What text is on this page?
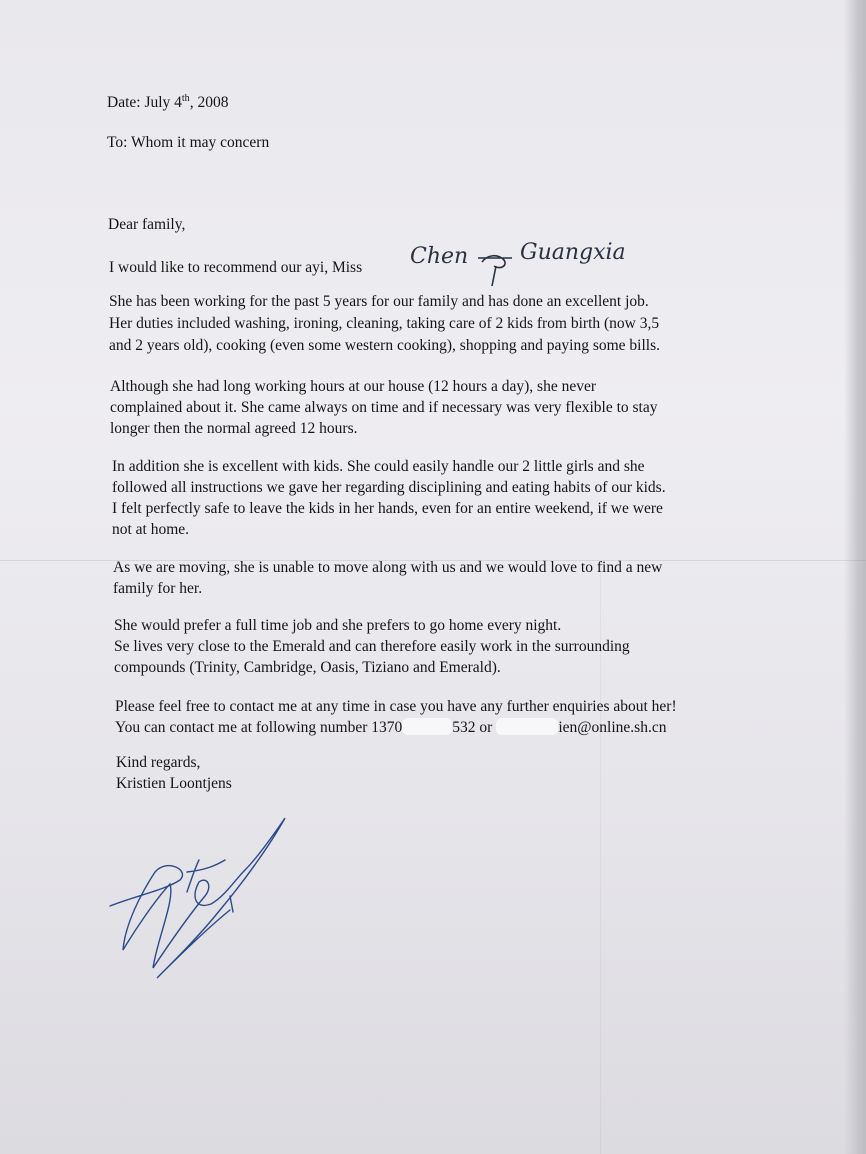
Date: July 4th, 2008
To: Whom it may concern
Dear family,
I would like to recommend our ayi, Miss Chen Guangxia
She has been working for the past 5 years for our family and has done an excellent job.
Her duties included washing, ironing, cleaning, taking care of 2 kids from birth (now 3,5
and 2 years old), cooking (even some western cooking), shopping and paying some bills.
Although she had long working hours at our house (12 hours a day), she never
complained about it. She came always on time and if necessary was very flexible to stay
longer then the normal agreed 12 hours.
In addition she is excellent with kids. She could easily handle our 2 little girls and she
followed all instructions we gave her regarding disciplining and eating habits of our kids.
I felt perfectly safe to leave the kids in her hands, even for an entire weekend, if we were
not at home.
As we are moving, she is unable to move along with us and we would love to find a new
family for her.
She would prefer a full time job and she prefers to go home every night.
Se lives very close to the Emerald and can therefore easily work in the surrounding
compounds (Trinity, Cambridge, Oasis, Tiziano and Emerald).
Please feel free to contact me at any time in case you have any further enquiries about her!
You can contact me at following number 1370	532 or	ien@online.sh.cn
Kind regards,
Kristien Loontjens
